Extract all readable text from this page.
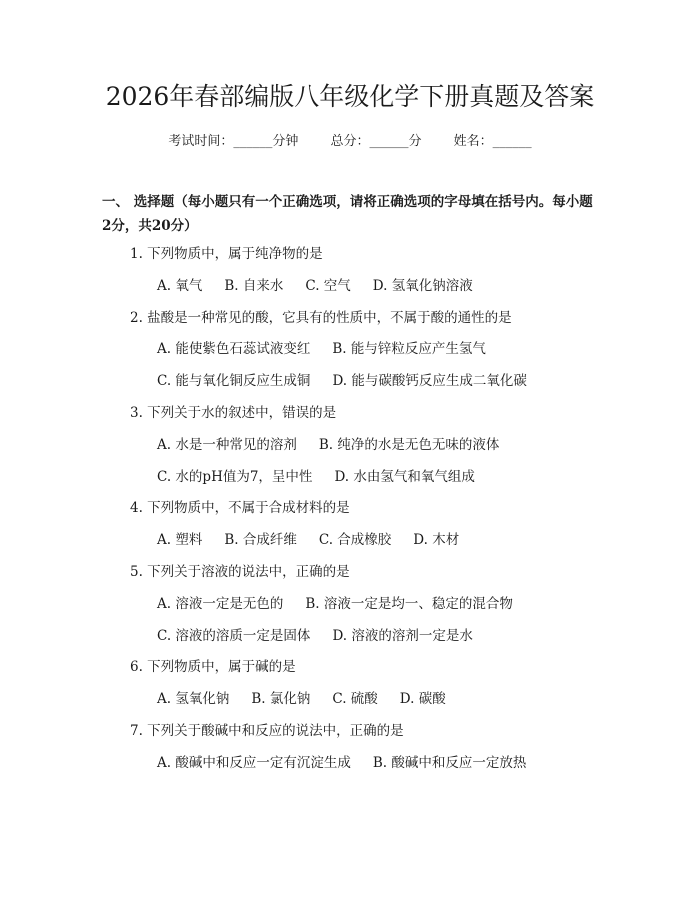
2026年春部编版八年级化学下册真题及答案
考试时间：______分钟 总分：______分 姓名：______
一、 选择题（每小题只有一个正确选项，请将正确选项的字母填在括号内。每小题2分，共20分）
1. 下列物质中，属于纯净物的是
A. 氧气 B. 自来水 C. 空气 D. 氢氧化钠溶液
2. 盐酸是一种常见的酸，它具有的性质中，不属于酸的通性的是
A. 能使紫色石蕊试液变红 B. 能与锌粒反应产生氢气
C. 能与氧化铜反应生成铜 D. 能与碳酸钙反应生成二氧化碳
3. 下列关于水的叙述中，错误的是
A. 水是一种常见的溶剂 B. 纯净的水是无色无味的液体
C. 水的pH值为7，呈中性 D. 水由氢气和氧气组成
4. 下列物质中，不属于合成材料的是
A. 塑料 B. 合成纤维 C. 合成橡胶 D. 木材
5. 下列关于溶液的说法中，正确的是
A. 溶液一定是无色的 B. 溶液一定是均一、稳定的混合物
C. 溶液的溶质一定是固体 D. 溶液的溶剂一定是水
6. 下列物质中，属于碱的是
A. 氢氧化钠 B. 氯化钠 C. 硫酸 D. 碳酸
7. 下列关于酸碱中和反应的说法中，正确的是
A. 酸碱中和反应一定有沉淀生成 B. 酸碱中和反应一定放热
